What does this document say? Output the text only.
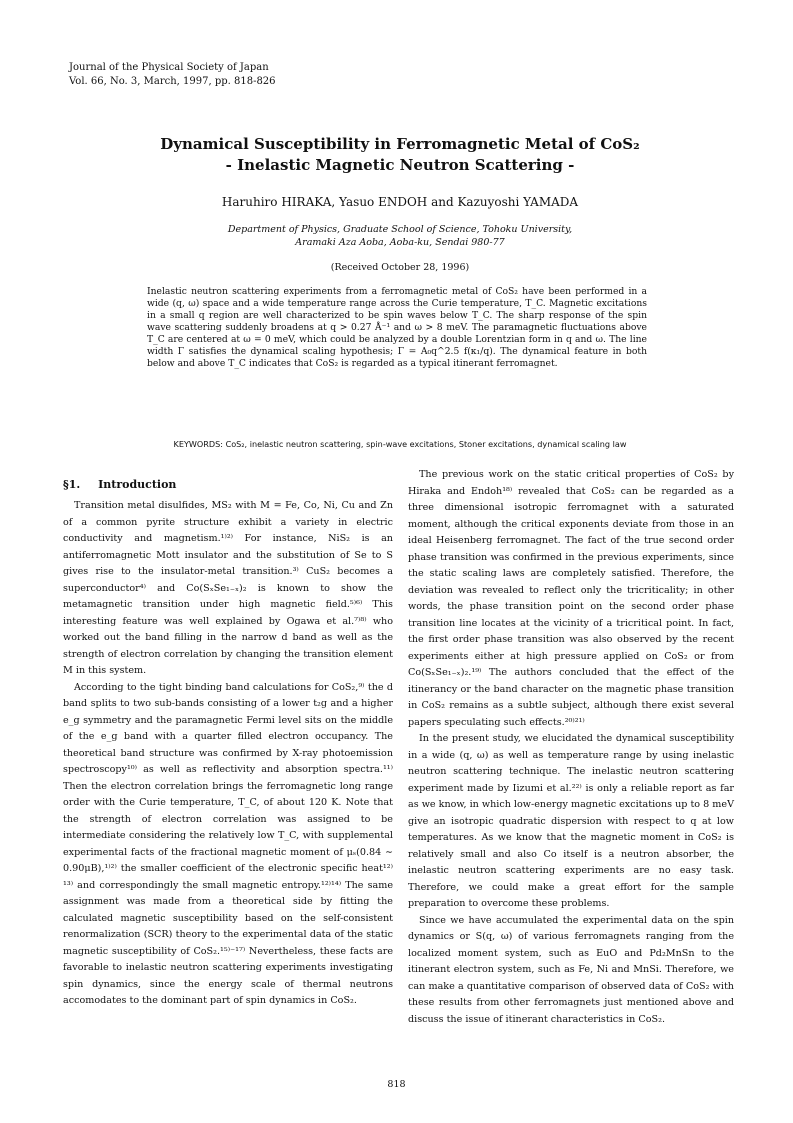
Journal of the Physical Society of Japan
Vol. 66, No. 3, March, 1997, pp. 818-826
Dynamical Susceptibility in Ferromagnetic Metal of CoS₂
- Inelastic Magnetic Neutron Scattering -
Haruhiro HIRAKA, Yasuo ENDOH and Kazuyoshi YAMADA
Department of Physics, Graduate School of Science, Tohoku University,
Aramaki Aza Aoba, Aoba-ku, Sendai 980-77
(Received October 28, 1996)
Inelastic neutron scattering experiments from a ferromagnetic metal of CoS₂ have been performed in a wide (q, ω) space and a wide temperature range across the Curie temperature, T_C. Magnetic excitations in a small q region are well characterized to be spin waves below T_C. The sharp response of the spin wave scattering suddenly broadens at q > 0.27 Å⁻¹ and ω > 8 meV. The paramagnetic fluctuations above T_C are centered at ω = 0 meV, which could be analyzed by a double Lorentzian form in q and ω. The line width Γ satisfies the dynamical scaling hypothesis; Γ = A₀q^2.5 f(κ₁/q). The dynamical feature in both below and above T_C indicates that CoS₂ is regarded as a typical itinerant ferromagnet.
KEYWORDS: CoS₂, inelastic neutron scattering, spin-wave excitations, Stoner excitations, dynamical scaling law
§1. Introduction

Transition metal disulfides, MS₂ with M = Fe, Co, Ni, Cu and Zn of a common pyrite structure exhibit a variety in electric conductivity and magnetism.¹⁾²⁾ For instance, NiS₂ is an antiferromagnetic Mott insulator and the substitution of Se to S gives rise to the insulator-metal transition.³⁾ CuS₂ becomes a superconductor⁴⁾ and Co(SₓSe₁₋ₓ)₂ is known to show the metamagnetic transition under high magnetic field.⁵⁾⁶⁾ This interesting feature was well explained by Ogawa et al.⁷⁾⁸⁾ who worked out the band filling in the narrow d band as well as the strength of electron correlation by changing the transition element M in this system.

According to the tight binding band calculations for CoS₂,⁹⁾ the d band splits to two sub-bands consisting of a lower t₂g and a higher e_g symmetry and the paramagnetic Fermi level sits on the middle of the e_g band with a quarter filled electron occupancy. The theoretical band structure was confirmed by X-ray photoemission spectroscopy¹⁰⁾ as well as reflectivity and absorption spectra.¹¹⁾ Then the electron correlation brings the ferromagnetic long range order with the Curie temperature, T_C, of about 120 K. Note that the strength of electron correlation was assigned to be intermediate considering the relatively low T_C, with supplemental experimental facts of the fractional magnetic moment of μₛ(0.84 ∼ 0.90μB),¹⁾²⁾ the smaller coefficient of the electronic specific heat¹²⁾¹³⁾ and correspondingly the small magnetic entropy.¹²⁾¹⁴⁾ The same assignment was made from a theoretical side by fitting the calculated magnetic susceptibility based on the self-consistent renormalization (SCR) theory to the experimental data of the static magnetic susceptibility of CoS₂.¹⁵⁾⁻¹⁷⁾ Nevertheless, these facts are favorable to inelastic neutron scattering experiments investigating spin dynamics, since the energy scale of thermal neutrons accomodates to the dominant part of spin dynamics in CoS₂.

The previous work on the static critical properties of CoS₂ by Hiraka and Endoh¹⁸⁾ revealed that CoS₂ can be regarded as a three dimensional isotropic ferromagnet with a saturated moment, although the critical exponents deviate from those in an ideal Heisenberg ferromagnet. The fact of the true second order phase transition was confirmed in the previous experiments, since the static scaling laws are completely satisfied. Therefore, the deviation was revealed to reflect only the tricriticality; in other words, the phase transition point on the second order phase transition line locates at the vicinity of a tricritical point. In fact, the first order phase transition was also observed by the recent experiments either at high pressure applied on CoS₂ or from Co(SₓSe₁₋ₓ)₂.¹⁹⁾ The authors concluded that the effect of the itinerancy or the band character on the magnetic phase transition in CoS₂ remains as a subtle subject, although there exist several papers speculating such effects.²⁰⁾²¹⁾

In the present study, we elucidated the dynamical susceptibility in a wide (q, ω) as well as temperature range by using inelastic neutron scattering technique. The inelastic neutron scattering experiment made by Iizumi et al.²²⁾ is only a reliable report as far as we know, in which low-energy magnetic excitations up to 8 meV give an isotropic quadratic dispersion with respect to q at low temperatures. As we know that the magnetic moment in CoS₂ is relatively small and also Co itself is a neutron absorber, the inelastic neutron scattering experiments are no easy task. Therefore, we could make a great effort for the sample preparation to overcome these problems.

Since we have accumulated the experimental data on the spin dynamics or S(q, ω) of various ferromagnets ranging from the localized moment system, such as EuO and Pd₂MnSn to the itinerant electron system, such as Fe, Ni and MnSi. Therefore, we can make a quantitative comparison of observed data of CoS₂ with these results from other ferromagnets just mentioned above and discuss the issue of itinerant characteristics in CoS₂.

818
